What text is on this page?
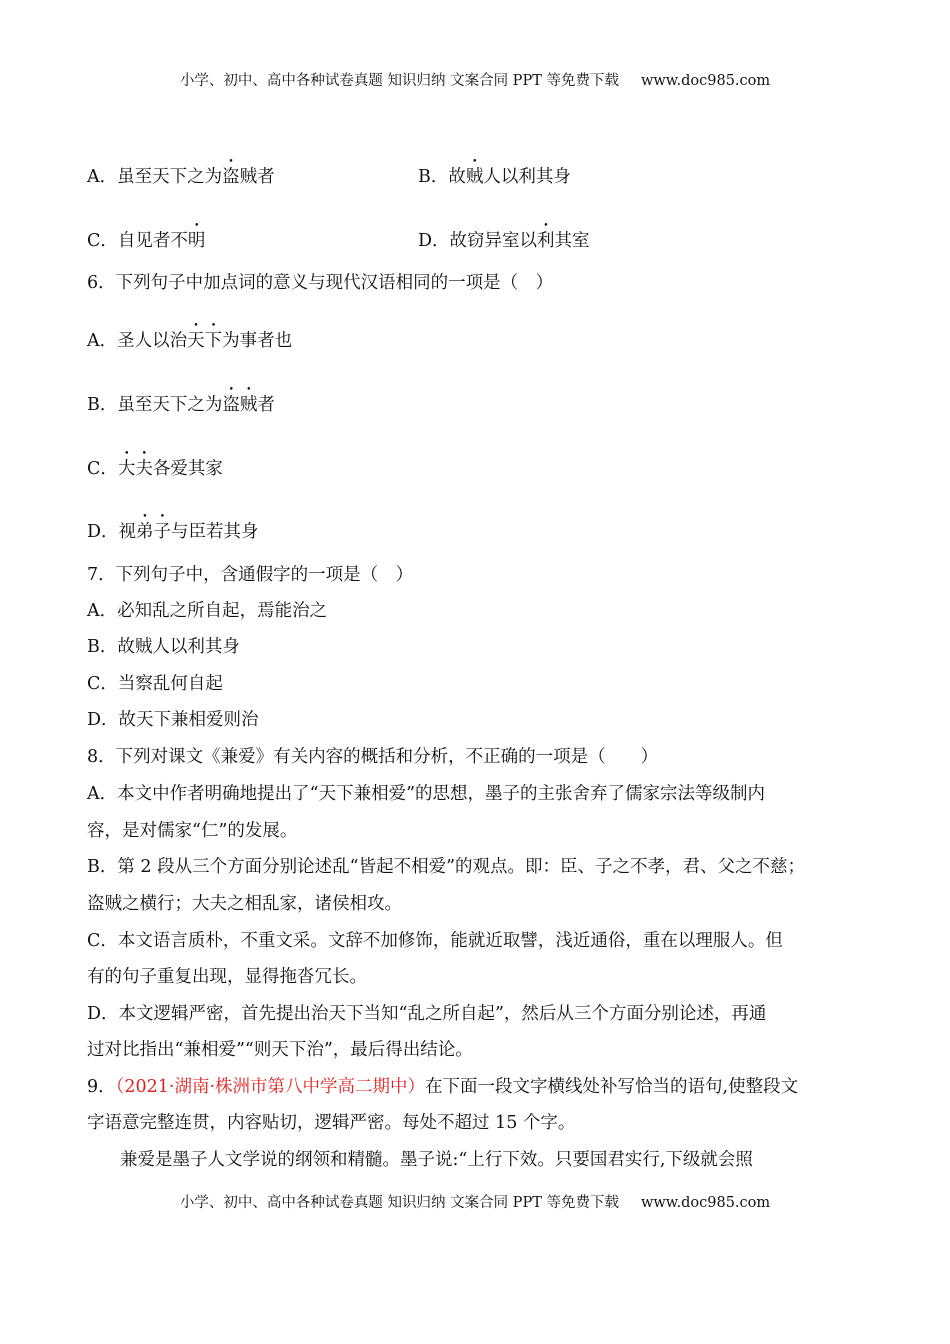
小学、初中、高中各种试卷真题 知识归纳 文案合同 PPT 等免费下载 www.doc985.com
A．虽至天下之为盗贼者	B．故贼人以利其身
C．自见者不明	D．故窃异室以利其室
6．下列句子中加点词的意义与现代汉语相同的一项是（　）
A．圣人以治天下为事者也
B．虽至天下之为盗贼者
C．大夫各爱其家
D．视弟子与臣若其身
7．下列句子中，含通假字的一项是（　）
A．必知乱之所自起，焉能治之
B．故贼人以利其身
C．当察乱何自起
D．故天下兼相爱则治
8．下列对课文《兼爱》有关内容的概括和分析，不正确的一项是（　　）
A．本文中作者明确地提出了“天下兼相爱”的思想，墨子的主张舍弃了儒家宗法等级制内
容，是对儒家“仁”的发展。
B．第 2 段从三个方面分别论述乱“皆起不相爱”的观点。即：臣、子之不孝，君、父之不慈；
盗贼之横行；大夫之相乱家，诸侯相攻。
C．本文语言质朴，不重文采。文辞不加修饰，能就近取譬，浅近通俗，重在以理服人。但
有的句子重复出现，显得拖沓冗长。
D．本文逻辑严密，首先提出治天下当知“乱之所自起”，然后从三个方面分别论述，再通
过对比指出“兼相爱”“则天下治”，最后得出结论。
9．（2021·湖南·株洲市第八中学高二期中）在下面一段文字横线处补写恰当的语句,使整段文
字语意完整连贯，内容贴切，逻辑严密。每处不超过 15 个字。
兼爱是墨子人文学说的纲领和精髓。墨子说:“上行下效。只要国君实行,下级就会照
小学、初中、高中各种试卷真题 知识归纳 文案合同 PPT 等免费下载 www.doc985.com
